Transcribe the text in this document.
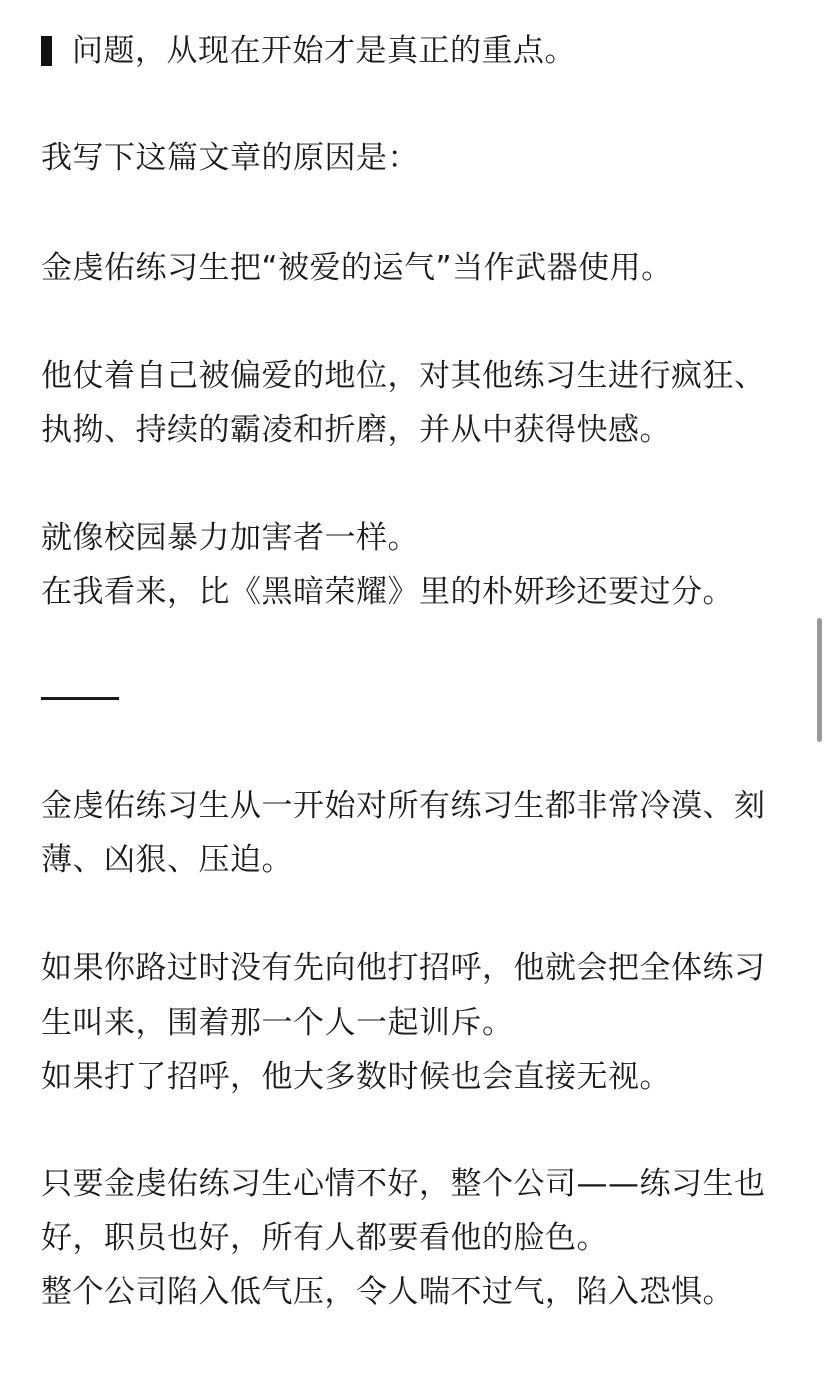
问题，从现在开始才是真正的重点。
我写下这篇文章的原因是：
金虔佑练习生把“被爱的运气”当作武器使用。
他仗着自己被偏爱的地位，对其他练习生进行疯狂、
执拗、持续的霸凌和折磨，并从中获得快感。
就像校园暴力加害者一样。
在我看来，比《黑暗荣耀》里的朴妍珍还要过分。
金虔佑练习生从一开始对所有练习生都非常冷漠、刻
薄、凶狠、压迫。
如果你路过时没有先向他打招呼，他就会把全体练习
生叫来，围着那一个人一起训斥。
如果打了招呼，他大多数时候也会直接无视。
只要金虔佑练习生心情不好，整个公司——练习生也
好，职员也好，所有人都要看他的脸色。
整个公司陷入低气压，令人喘不过气，陷入恐惧。
